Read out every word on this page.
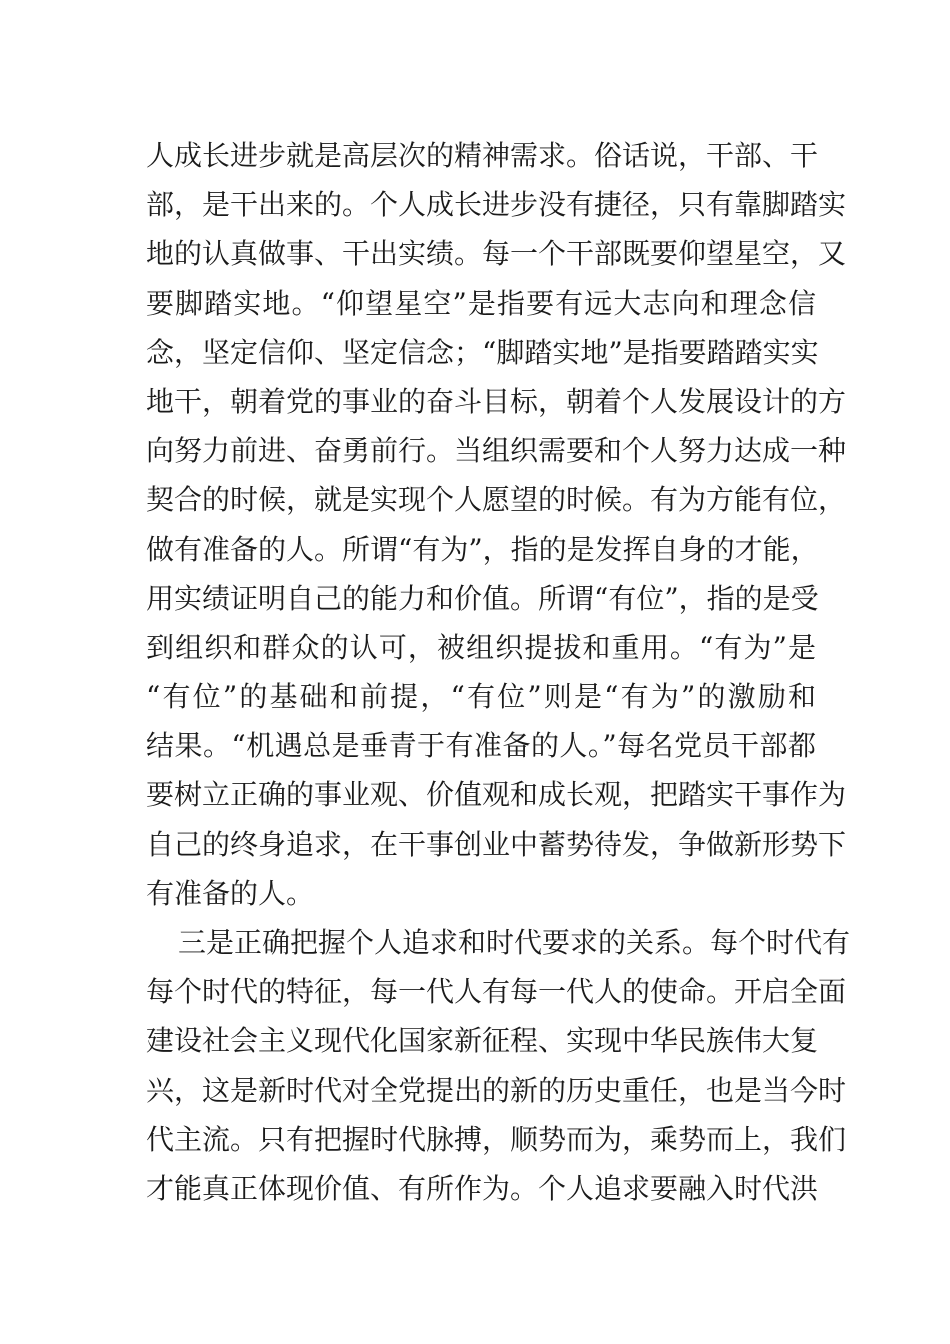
人成长进步就是高层次的精神需求。俗话说，干部、干
部，是干出来的。个人成长进步没有捷径，只有靠脚踏实
地的认真做事、干出实绩。每一个干部既要仰望星空，又
要脚踏实地。“仰望星空”是指要有远大志向和理念信
念，坚定信仰、坚定信念；“脚踏实地”是指要踏踏实实
地干，朝着党的事业的奋斗目标，朝着个人发展设计的方
向努力前进、奋勇前行。当组织需要和个人努力达成一种
契合的时候，就是实现个人愿望的时候。有为方能有位，
做有准备的人。所谓“有为”，指的是发挥自身的才能，
用实绩证明自己的能力和价值。所谓“有位”，指的是受
到组织和群众的认可，被组织提拔和重用。“有为”是
“有位”的基础和前提，“有位”则是“有为”的激励和
结果。“机遇总是垂青于有准备的人。”每名党员干部都
要树立正确的事业观、价值观和成长观，把踏实干事作为
自己的终身追求，在干事创业中蓄势待发，争做新形势下
有准备的人。
三是正确把握个人追求和时代要求的关系。每个时代有
每个时代的特征，每一代人有每一代人的使命。开启全面
建设社会主义现代化国家新征程、实现中华民族伟大复
兴，这是新时代对全党提出的新的历史重任，也是当今时
代主流。只有把握时代脉搏，顺势而为，乘势而上，我们
才能真正体现价值、有所作为。个人追求要融入时代洪
